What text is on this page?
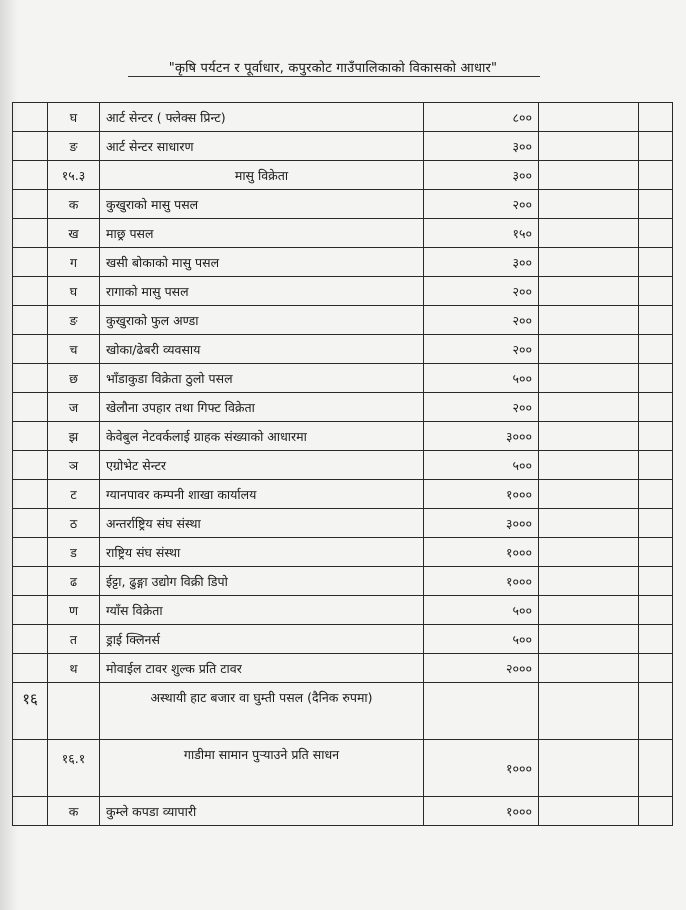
"कृषि पर्यटन र पूर्वाधार, कपुरकोट गाउँपालिकाको विकासको आधार"
	घ	आर्ट सेन्टर ( फ्लेक्स प्रिन्ट)	८००		
	ङ	आर्ट सेन्टर साधारण	३००		
	१५.३	मासु विक्रेता	३००		
	क	कुखुराको मासु पसल	२००		
	ख	माछ्र पसल	१५०		
	ग	खसी बोकाको मासु पसल	३००		
	घ	रागाको मासु पसल	२००		
	ङ	कुखुराको फुल अण्डा	२००		
	च	खोका/ढेबरी व्यवसाय	२००		
	छ	भाँडाकुडा विक्रेता ठुलो पसल	५००		
	ज	खेलौना उपहार तथा गिफ्ट विक्रेता	२००		
	झ	केवेबुल नेटवर्कलाई ग्राहक संख्याको आधारमा	३०००		
	ञ	एग्रोभेट सेन्टर	५००		
	ट	ग्यानपावर कम्पनी शाखा कार्यालय	१०००		
	ठ	अन्तर्राष्ट्रिय संघ संस्था	३०००		
	ड	राष्ट्रिय संघ संस्था	१०००		
	ढ	ईट्टा, ढुङ्गा उद्योग विक्री डिपो	१०००		
	ण	ग्याँस विक्रेता	५००		
	त	ड्राई क्लिनर्स	५००		
	थ	मोवाईल टावर शुल्क प्रति टावर	२०००		
१६		अस्थायी हाट बजार वा घुम्ती पसल (दैनिक रुपमा)			
	१६.१	गाडीमा सामान पुऱ्याउने प्रति साधन	१०००		
	क	कुम्ले कपडा व्यापारी	१०००		
